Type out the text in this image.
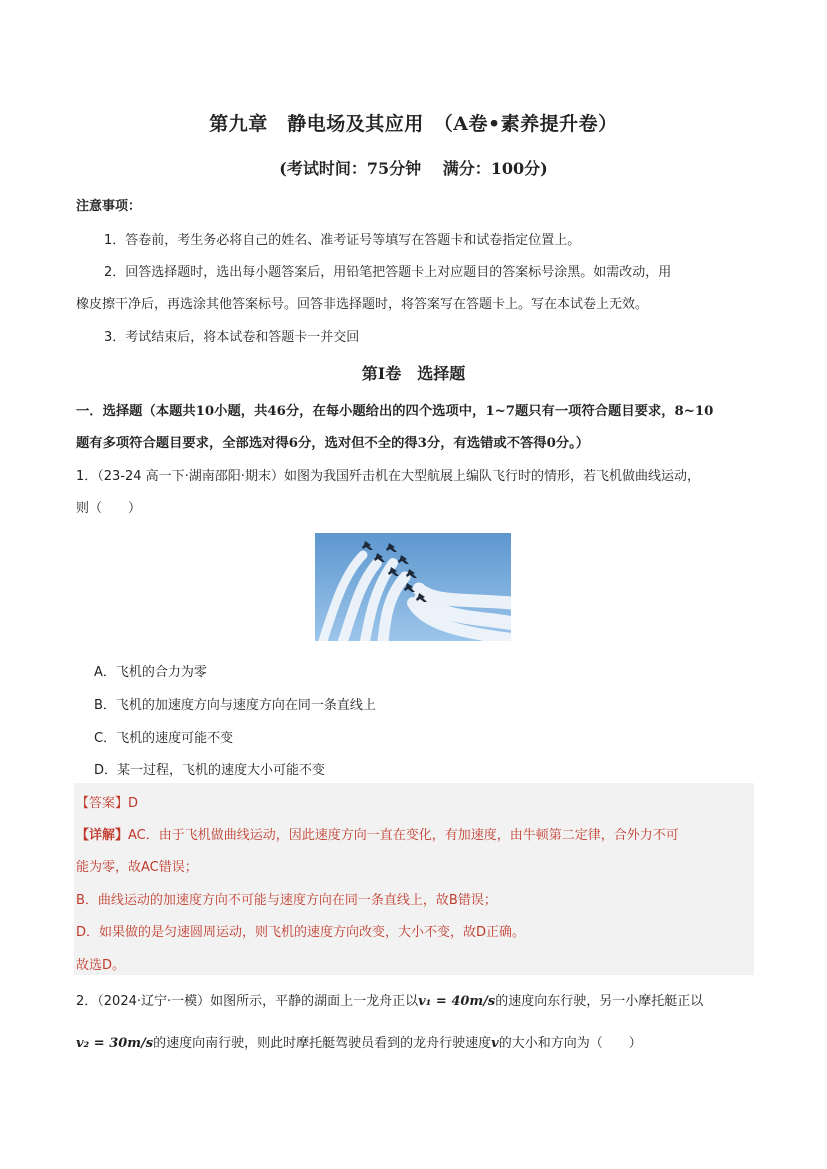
第九章　静电场及其应用　（A卷•素养提升卷）
(考试时间：75分钟　 满分：100分)
注意事项：
1．答卷前，考生务必将自己的姓名、准考证号等填写在答题卡和试卷指定位置上。
2．回答选择题时，选出每小题答案后，用铅笔把答题卡上对应题目的答案标号涂黑。如需改动，用
橡皮擦干净后，再选涂其他答案标号。回答非选择题时，将答案写在答题卡上。写在本试卷上无效。
3．考试结束后，将本试卷和答题卡一并交回
第Ⅰ卷　选择题
一．选择题（本题共10小题，共46分，在每小题给出的四个选项中，1~7题只有一项符合题目要求，8~10
题有多项符合题目要求，全部选对得6分，选对但不全的得3分，有选错或不答得0分。）
1．（23-24 高一下·湖南邵阳·期末）如图为我国歼击机在大型航展上编队飞行时的情形，若飞机做曲线运动，
则（　　）
A．飞机的合力为零
B．飞机的加速度方向与速度方向在同一条直线上
C．飞机的速度可能不变
D．某一过程，飞机的速度大小可能不变
【答案】D
【详解】AC．由于飞机做曲线运动，因此速度方向一直在变化，有加速度，由牛顿第二定律，合外力不可
能为零，故AC错误；
B．曲线运动的加速度方向不可能与速度方向在同一条直线上，故B错误；
D．如果做的是匀速圆周运动，则飞机的速度方向改变，大小不变，故D正确。
故选D。
2．（2024·辽宁·一模）如图所示，平静的湖面上一龙舟正以v₁ = 40m/s的速度向东行驶，另一小摩托艇正以
v₂ = 30m/s的速度向南行驶，则此时摩托艇驾驶员看到的龙舟行驶速度v的大小和方向为（　　）
